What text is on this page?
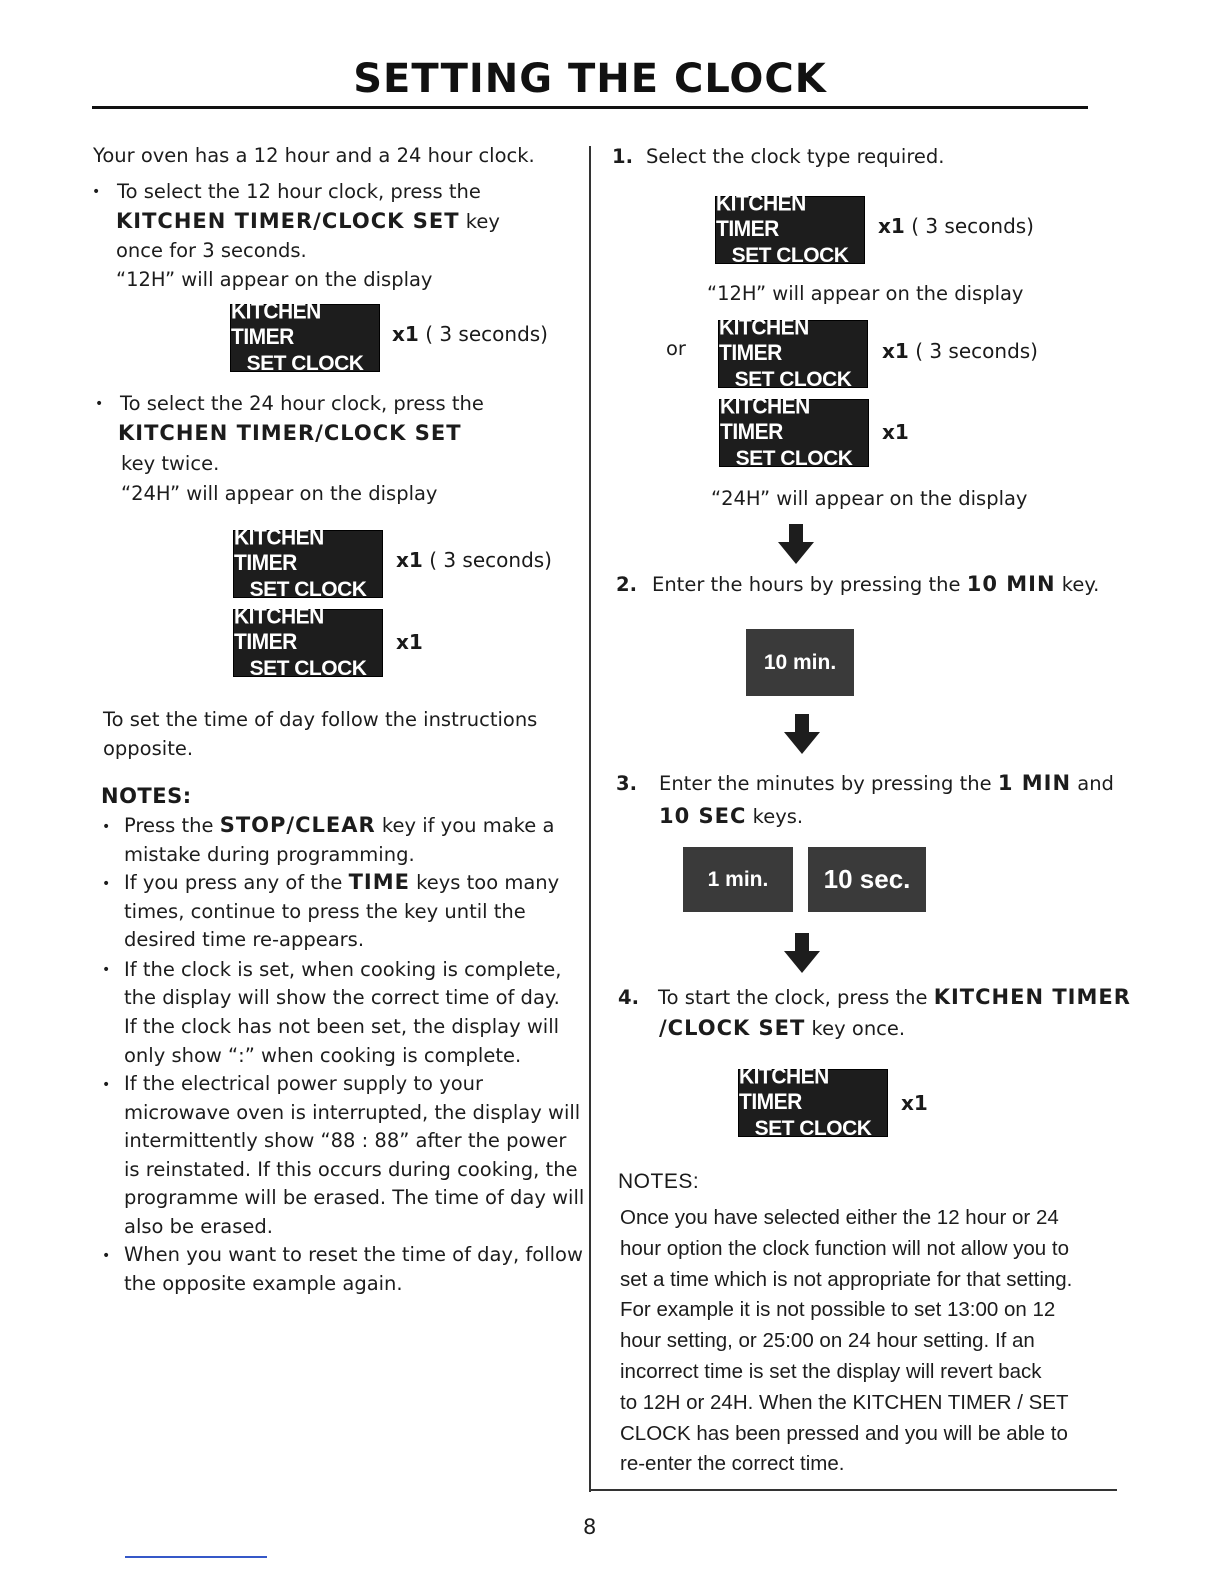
SETTING THE CLOCK
Your oven has a 12 hour and a 24 hour clock.
• To select the 12 hour clock, press the
KITCHEN TIMER/CLOCK SET key
once for 3 seconds.
“12H” will appear on the display
KITCHEN TIMER
SET CLOCK
x1 ( 3 seconds)
• To select the 24 hour clock, press the
KITCHEN TIMER/CLOCK SET
key twice.
“24H” will appear on the display
KITCHEN TIMER
SET CLOCK
x1 ( 3 seconds)
KITCHEN TIMER
SET CLOCK
x1
To set the time of day follow the instructions
opposite.
NOTES:
• Press the STOP/CLEAR key if you make a
mistake during programming.
• If you press any of the TIME keys too many
times, continue to press the key until the
desired time re-appears.
• If the clock is set, when cooking is complete,
the display will show the correct time of day.
If the clock has not been set, the display will
only show “:” when cooking is complete.
• If the electrical power supply to your
microwave oven is interrupted, the display will
intermittently show “88 : 88” after the power
is reinstated. If this occurs during cooking, the
programme will be erased. The time of day will
also be erased.
• When you want to reset the time of day, follow
the opposite example again.
1. Select the clock type required.
KITCHEN TIMER
SET CLOCK
x1 ( 3 seconds)
“12H” will appear on the display
or
KITCHEN TIMER
SET CLOCK
x1 ( 3 seconds)
KITCHEN TIMER
SET CLOCK
x1
“24H” will appear on the display
2. Enter the hours by pressing the 10 MIN key.
10 min.
3. Enter the minutes by pressing the 1 MIN and
10 SEC keys.
1 min.	10 sec.
4. To start the clock, press the KITCHEN TIMER
/CLOCK SET key once.
KITCHEN TIMER
SET CLOCK
x1
NOTES:
Once you have selected either the 12 hour or 24
hour option the clock function will not allow you to
set a time which is not appropriate for that setting.
For example it is not possible to set 13:00 on 12
hour setting, or 25:00 on 24 hour setting. If an
incorrect time is set the display will revert back
to 12H or 24H. When the KITCHEN TIMER / SET
CLOCK has been pressed and you will be able to
re-enter the correct time.
8
